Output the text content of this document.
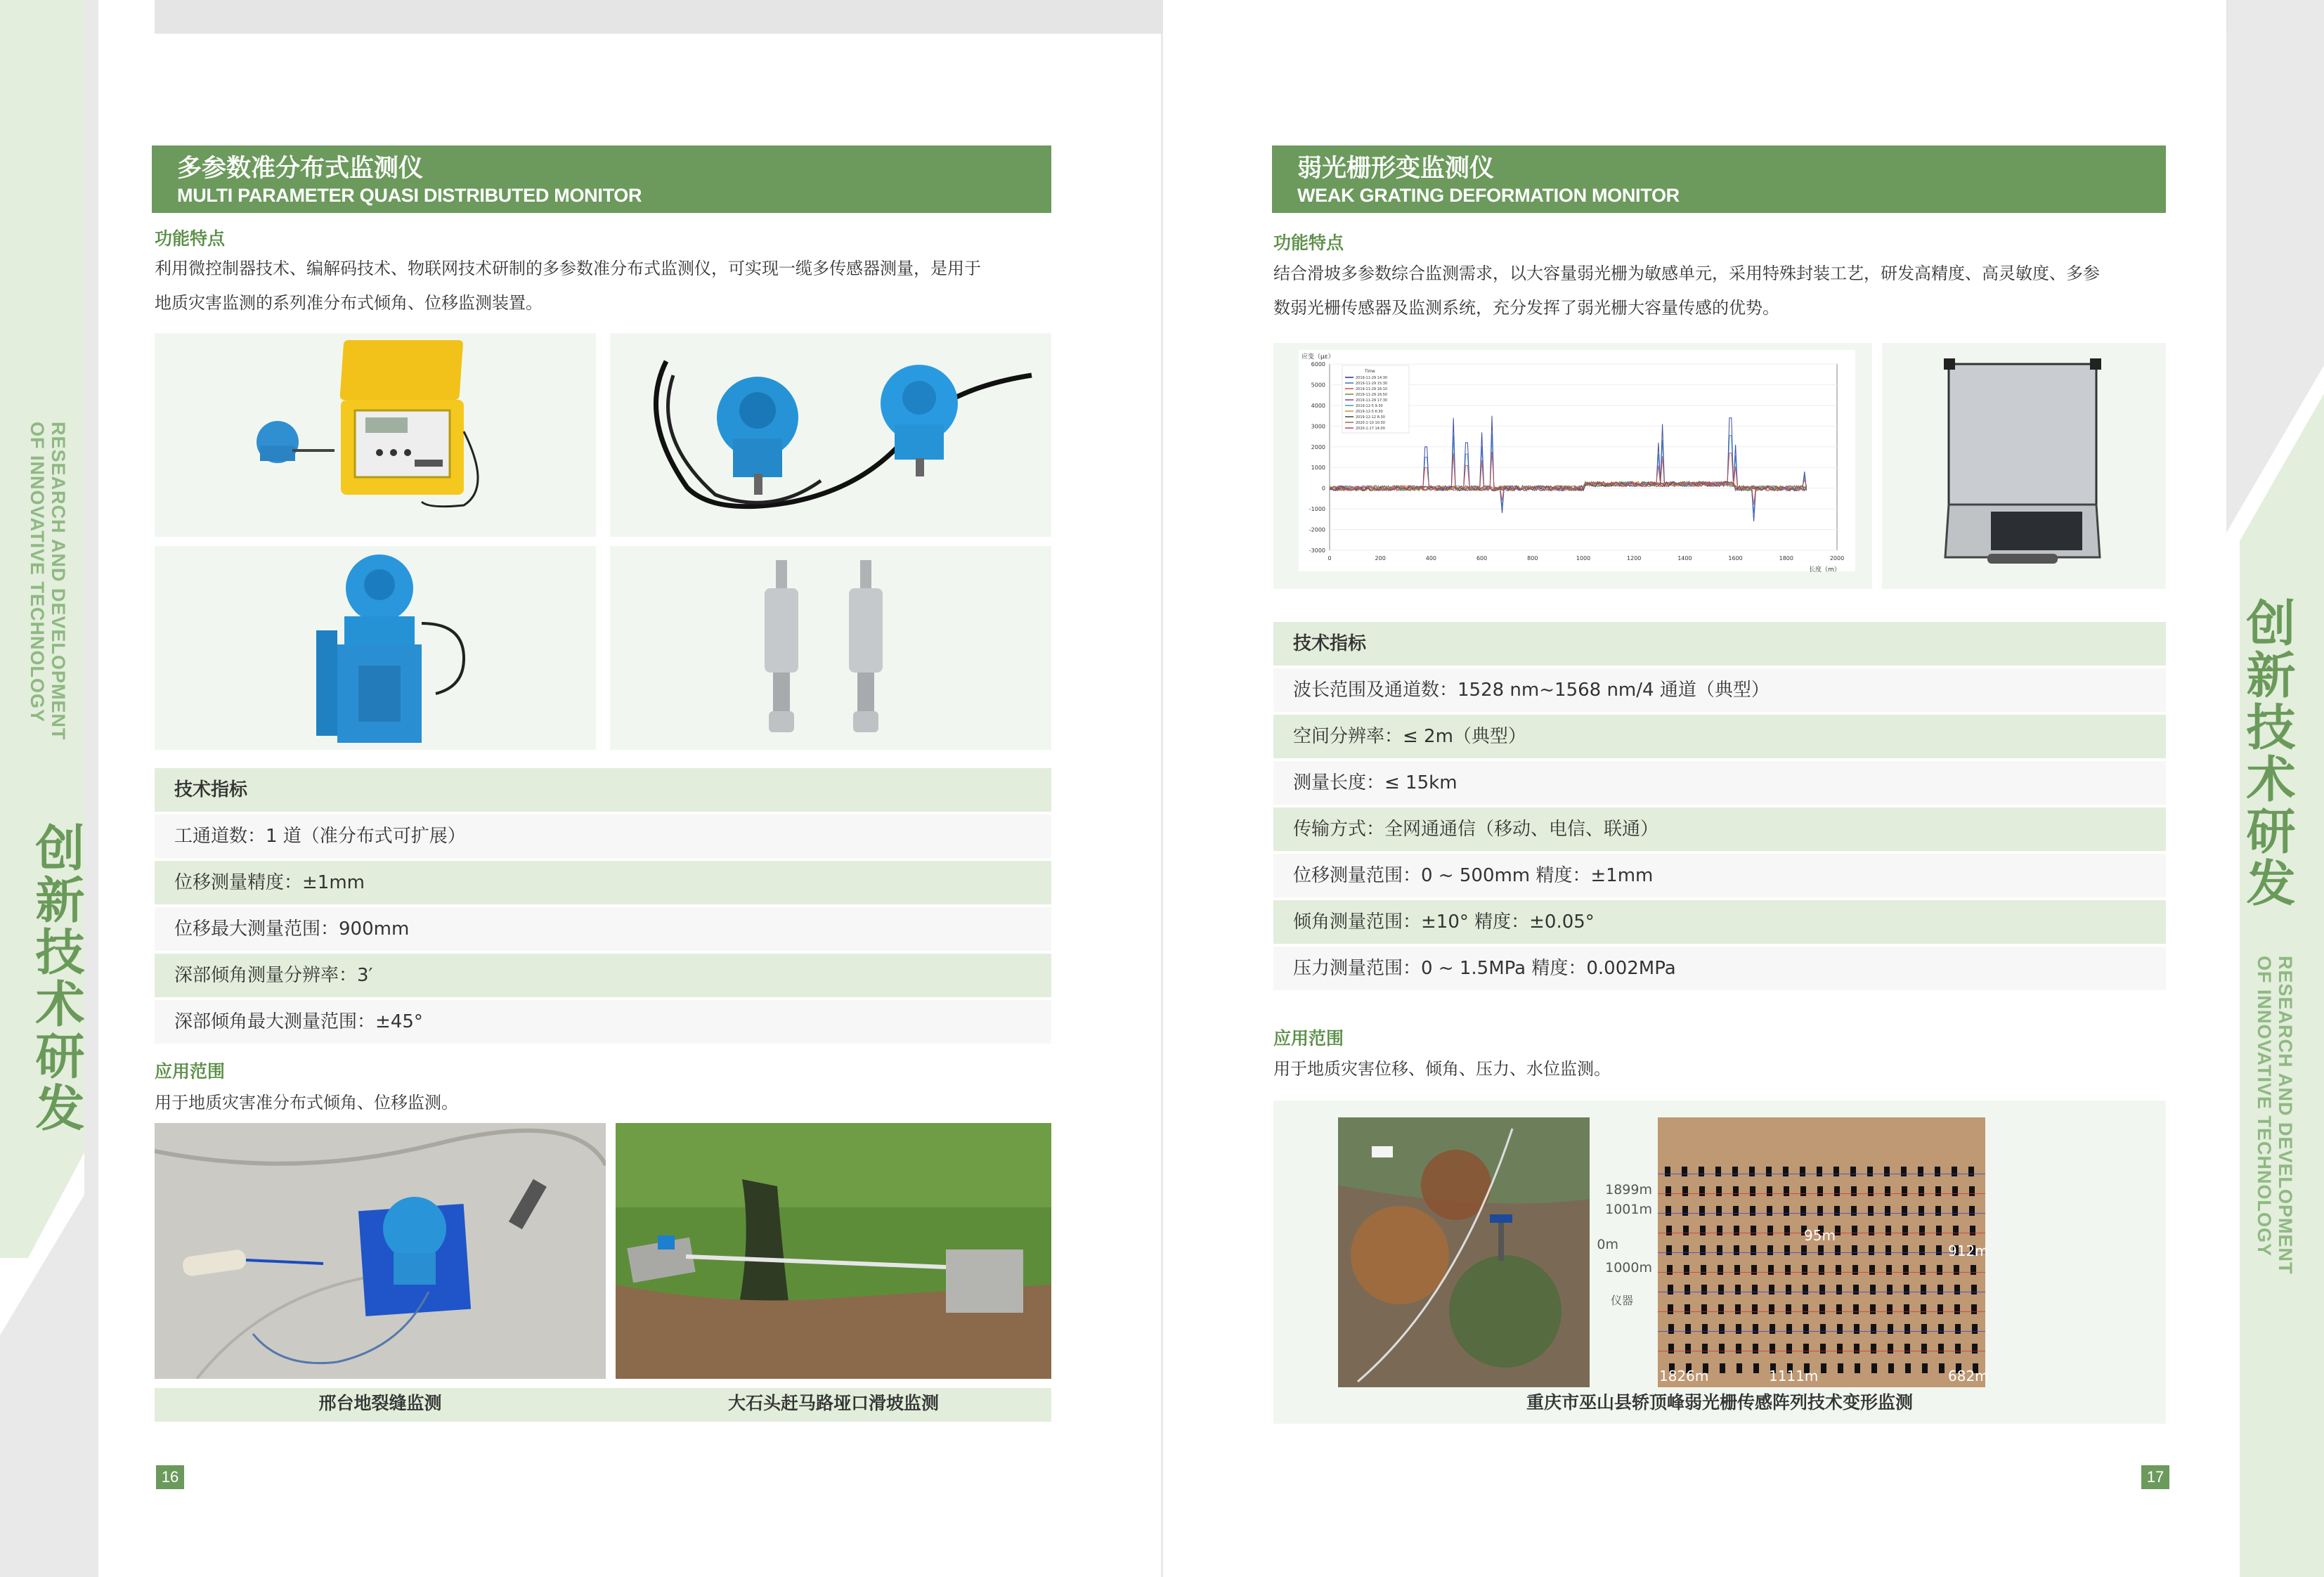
RESEARCH AND DEVELOPMENT
OF INNOVATIVE TECHNOLOGY
创新技术研发
创新技术研发
RESEARCH AND DEVELOPMENT
OF INNOVATIVE TECHNOLOGY
多参数准分布式监测仪
MULTI PARAMETER QUASI DISTRIBUTED MONITOR
功能特点
利用微控制器技术、编解码技术、物联网技术研制的多参数准分布式监测仪，可实现一缆多传感器测量，是用于
地质灾害监测的系列准分布式倾角、位移监测装置。
技术指标
工通道数：1 道（准分布式可扩展）
位移测量精度：±1mm
位移最大测量范围：900mm
深部倾角测量分辨率：3′
深部倾角最大测量范围：±45°
应用范围
用于地质灾害准分布式倾角、位移监测。
邢台地裂缝监测	大石头赶马路垭口滑坡监测
16
弱光栅形变监测仪
WEAK GRATING DEFORMATION MONITOR
功能特点
结合滑坡多参数综合监测需求，以大容量弱光栅为敏感单元，采用特殊封装工艺，研发高精度、高灵敏度、多参
数弱光栅传感器及监测系统，充分发挥了弱光栅大容量传感的优势。
应变（με）
长度（m）
0	200	400	600	800	1000	1200	1400	1600	1800	2000
6000
5000
4000
3000
2000
1000
0
-1000
-2000
-3000
Time
2019-11-29 14:30
2019-11-29 15:30
2019-11-29 16:10
2019-11-29 16:50
2019-11-29 17:30
2019-12-5 9:30
2019-12-5 6:30
2019-12-12 8:30
2020-1-10 10:30
2020-1-17 14:00
技术指标
波长范围及通道数：1528 nm~1568 nm/4 通道（典型）
空间分辨率：≤ 2m（典型）
测量长度：≤ 15km
传输方式：全网通通信（移动、电信、联通）
位移测量范围：0 ~ 500mm 精度：±1mm
倾角测量范围：±10° 精度：±0.05°
压力测量范围：0 ~ 1.5MPa 精度：0.002MPa
应用范围
用于地质灾害位移、倾角、压力、水位监测。
1899m
1001m
0m
1000m
仪器
1826m	1111m
912m
682m
95m
重庆市巫山县轿顶峰弱光栅传感阵列技术变形监测
17
